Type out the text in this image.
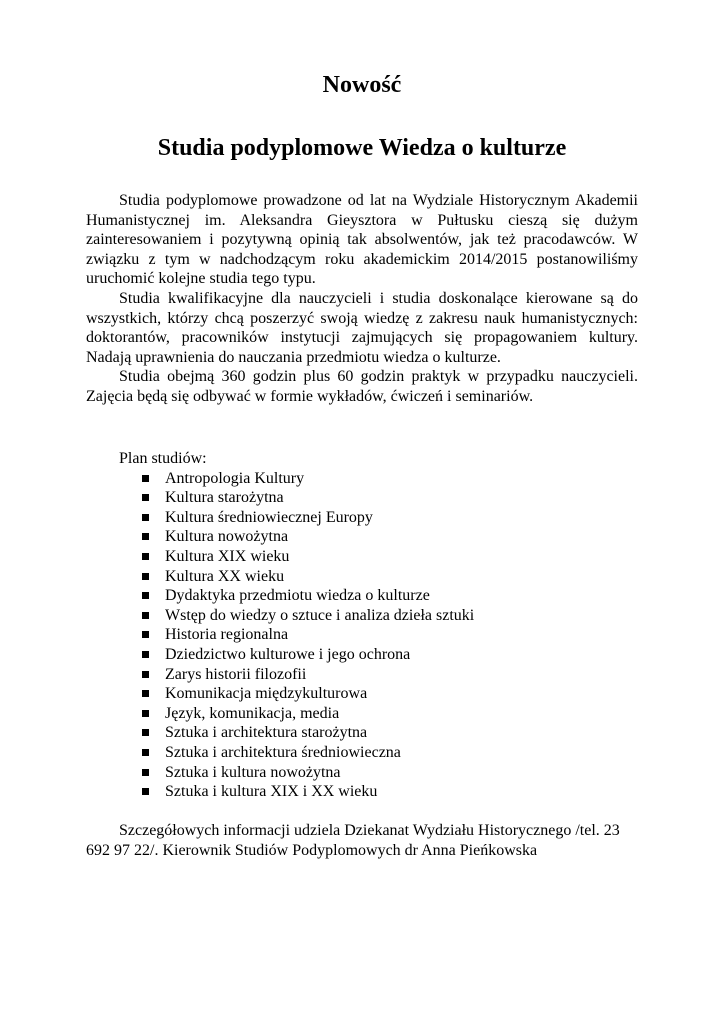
Nowość
Studia podyplomowe Wiedza o kulturze

Studia podyplomowe prowadzone od lat na Wydziale Historycznym Akademii Humanistycznej im. Aleksandra Gieysztora w Pułtusku cieszą się dużym zainteresowaniem i pozytywną opinią tak absolwentów, jak też pracodawców. W związku z tym w nadchodzącym roku akademickim 2014/2015 postanowiliśmy uruchomić kolejne studia tego typu.

Studia kwalifikacyjne dla nauczycieli i studia doskonalące kierowane są do wszystkich, którzy chcą poszerzyć swoją wiedzę z zakresu nauk humanistycznych: doktorantów, pracowników instytucji zajmujących się propagowaniem kultury. Nadają uprawnienia do nauczania przedmiotu wiedza o kulturze.

Studia obejmą 360 godzin plus 60 godzin praktyk w przypadku nauczycieli. Zajęcia będą się odbywać w formie wykładów, ćwiczeń i seminariów.

Plan studiów:

Antropologia Kultury
Kultura starożytna
Kultura średniowiecznej Europy
Kultura nowożytna
Kultura XIX wieku
Kultura XX wieku
Dydaktyka przedmiotu wiedza o kulturze
Wstęp do wiedzy o sztuce i analiza dzieła sztuki
Historia regionalna
Dziedzictwo kulturowe i jego ochrona
Zarys historii filozofii
Komunikacja międzykulturowa
Język, komunikacja, media
Sztuka i architektura starożytna
Sztuka i architektura średniowieczna
Sztuka i kultura nowożytna
Sztuka i kultura XIX i XX wieku

Szczegółowych informacji udziela Dziekanat Wydziału Historycznego /tel. 23 692 97 22/. Kierownik Studiów Podyplomowych dr Anna Pieńkowska
